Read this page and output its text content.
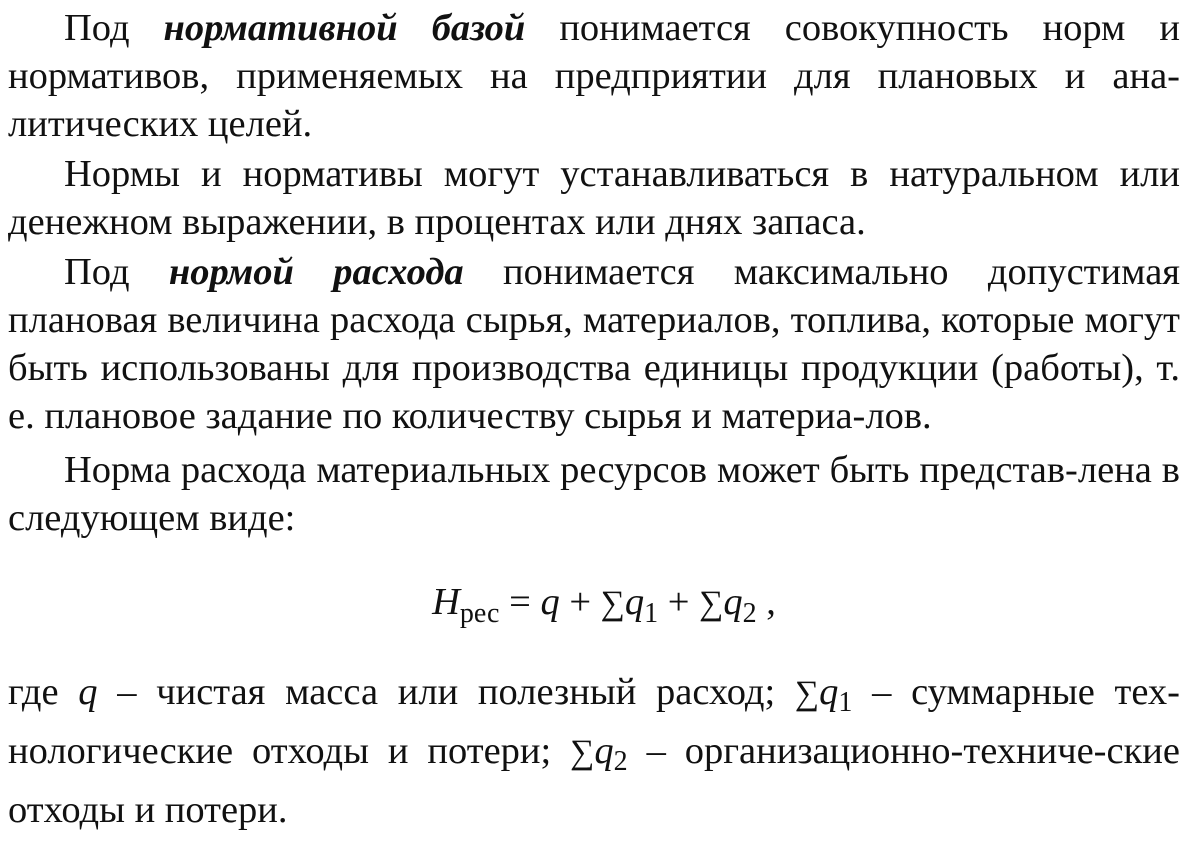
Под нормативной базой понимается совокупность норм и нормативов, применяемых на предприятии для плановых и ана-литических целей.

Нормы и нормативы могут устанавливаться в натуральном или денежном выражении, в процентах или днях запаса.

Под нормой расхода понимается максимально допустимая плановая величина расхода сырья, материалов, топлива, которые могут быть использованы для производства единицы продукции (работы), т. е. плановое задание по количеству сырья и материа-лов.

Норма расхода материальных ресурсов может быть представ-лена в следующем виде:

$Н_{рес} = q + \sum q_1 + \sum q_2$ ,

где q – чистая масса или полезный расход; ∑q1 – суммарные тех-нологические отходы и потери; ∑q2 – организационно-техниче-ские отходы и потери.
